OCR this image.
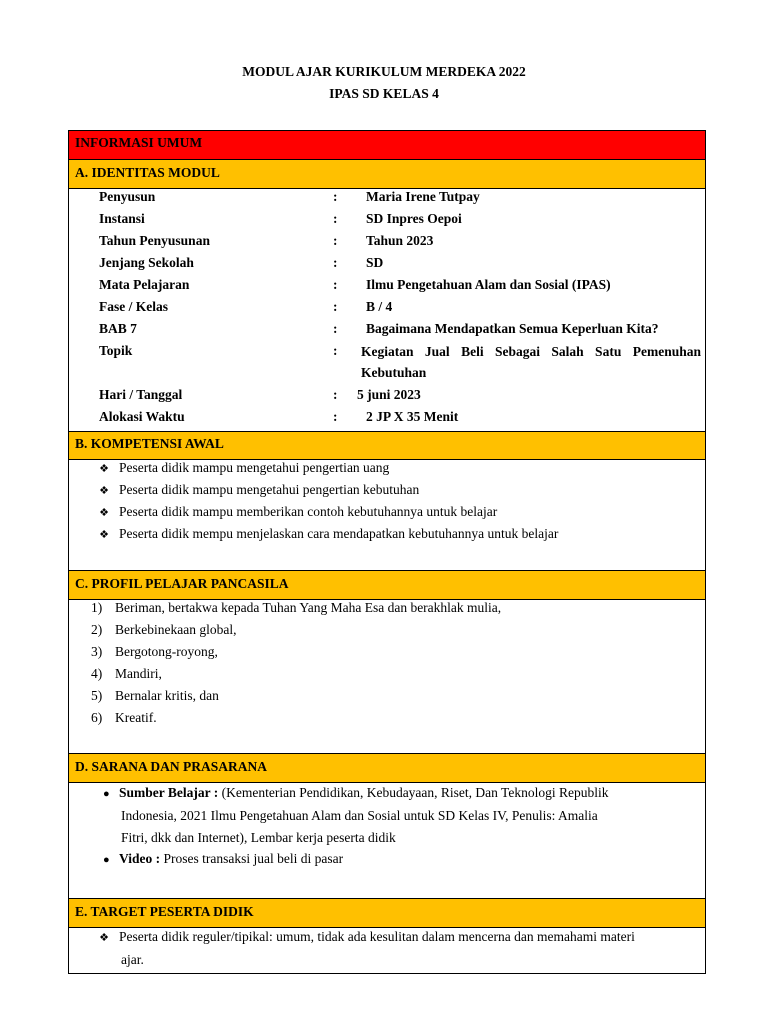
MODUL AJAR KURIKULUM MERDEKA 2022
IPAS SD KELAS 4
INFORMASI UMUM
A. IDENTITAS MODUL
Penyusun	: Maria Irene Tutpay
Instansi	: SD Inpres Oepoi
Tahun Penyusunan	: Tahun 2023
Jenjang Sekolah	: SD
Mata Pelajaran	: Ilmu Pengetahuan Alam dan Sosial (IPAS)
Fase / Kelas	: B / 4
BAB 7	: Bagaimana Mendapatkan Semua Keperluan Kita?
Topik	: Kegiatan Jual Beli Sebagai Salah Satu Pemenuhan
Kebutuhan
Hari / Tanggal	: 5 juni 2023
Alokasi Waktu	: 2 JP X 35 Menit
B. KOMPETENSI AWAL
❖ Peserta didik mampu mengetahui pengertian uang
❖ Peserta didik mampu mengetahui pengertian kebutuhan
❖ Peserta didik mampu memberikan contoh kebutuhannya untuk belajar
❖ Peserta didik mempu menjelaskan cara mendapatkan kebutuhannya untuk belajar
C. PROFIL PELAJAR PANCASILA
1) Beriman, bertakwa kepada Tuhan Yang Maha Esa dan berakhlak mulia,
2) Berkebinekaan global,
3) Bergotong-royong,
4) Mandiri,
5) Bernalar kritis, dan
6) Kreatif.
D. SARANA DAN PRASARANA
● Sumber Belajar : (Kementerian Pendidikan, Kebudayaan, Riset, Dan Teknologi Republik
Indonesia, 2021 Ilmu Pengetahuan Alam dan Sosial untuk SD Kelas IV, Penulis: Amalia
Fitri, dkk dan Internet), Lembar kerja peserta didik
● Video : Proses transaksi jual beli di pasar
E. TARGET PESERTA DIDIK
❖ Peserta didik reguler/tipikal: umum, tidak ada kesulitan dalam mencerna dan memahami materi
ajar.
